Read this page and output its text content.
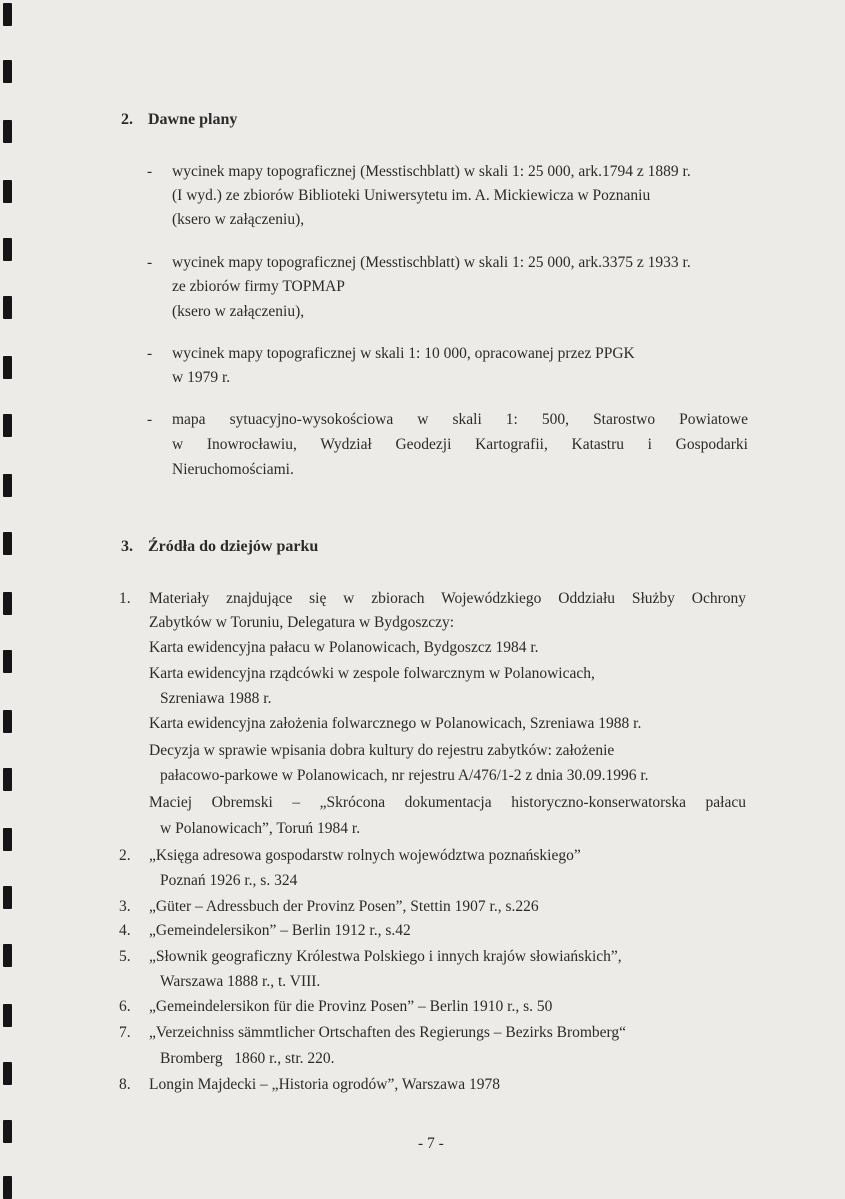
2. Dawne plany
- wycinek mapy topograficznej (Messtischblatt) w skali 1: 25 000, ark.1794 z 1889 r.
(I wyd.) ze zbiorów Biblioteki Uniwersytetu im. A. Mickiewicza w Poznaniu
(ksero w załączeniu),
- wycinek mapy topograficznej (Messtischblatt) w skali 1: 25 000, ark.3375 z 1933 r.
ze zbiorów firmy TOPMAP
(ksero w załączeniu),
- wycinek mapy topograficznej w skali 1: 10 000, opracowanej przez PPGK
w 1979 r.
- mapa sytuacyjno-wysokościowa w skali 1: 500, Starostwo Powiatowe
w Inowrocławiu, Wydział Geodezji Kartografii, Katastru i Gospodarki
Nieruchomościami.
3. Źródła do dziejów parku
1. Materiały znajdujące się w zbiorach Wojewódzkiego Oddziału Służby Ochrony
Zabytków w Toruniu, Delegatura w Bydgoszczy:
Karta ewidencyjna pałacu w Polanowicach, Bydgoszcz 1984 r.
Karta ewidencyjna rządcówki w zespole folwarcznym w Polanowicach,
Szreniawa 1988 r.
Karta ewidencyjna założenia folwarcznego w Polanowicach, Szreniawa 1988 r.
Decyzja w sprawie wpisania dobra kultury do rejestru zabytków: założenie
pałacowo-parkowe w Polanowicach, nr rejestru A/476/1-2 z dnia 30.09.1996 r.
Maciej Obremski – „Skrócona dokumentacja historyczno-konserwatorska pałacu
w Polanowicach”, Toruń 1984 r.
2. „Księga adresowa gospodarstw rolnych województwa poznańskiego”
Poznań 1926 r., s. 324
3. „Güter – Adressbuch der Provinz Posen”, Stettin 1907 r., s.226
4. „Gemeindelersikon” – Berlin 1912 r., s.42
5. „Słownik geograficzny Królestwa Polskiego i innych krajów słowiańskich”,
Warszawa 1888 r., t. VIII.
6. „Gemeindelersikon für die Provinz Posen” – Berlin 1910 r., s. 50
7. „Verzeichniss sämmtlicher Ortschaften des Regierungs – Bezirks Bromberg“
Bromberg   1860 r., str. 220.
8. Longin Majdecki – „Historia ogrodów”, Warszawa 1978
- 7 -
